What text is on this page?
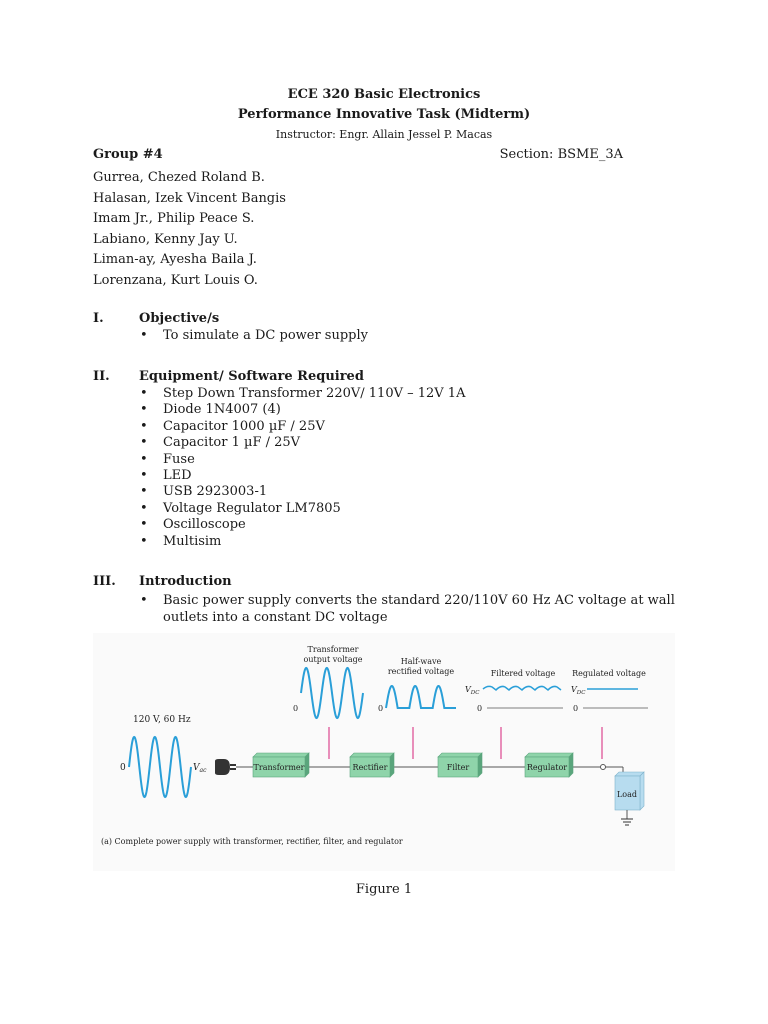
ECE 320 Basic Electronics
Performance Innovative Task (Midterm)
Instructor: Engr. Allain Jessel P. Macas
Group #4	Section: BSME_3A
Gurrea, Chezed Roland B.
Halasan, Izek Vincent Bangis
Imam Jr., Philip Peace S.
Labiano, Kenny Jay U.
Liman-ay, Ayesha Baila J.
Lorenzana, Kurt Louis O.
I.	Objective/s
• To simulate a DC power supply
II. Equipment/ Software Required
• Step Down Transformer 220V/ 110V – 12V 1A
• Diode 1N4007 (4)
• Capacitor 1000 µF / 25V
• Capacitor 1 µF / 25V
• Fuse
• LED
• USB 2923003-1
• Voltage Regulator LM7805
• Oscilloscope
• Multisim
III. Introduction
• Basic power supply converts the standard 220/110V 60 Hz AC voltage at wall outlets into a constant DC voltage
120 V, 60 Hz
0	$V_{ac}$	Transformer	Rectifier	Filter	Regulator
Load
Transformer
output voltage
0
Half-wave
rectified voltage
0
Filtered voltage
$V_{DC}$
0
Regulated voltage
$V_{DC}$
0
(a) Complete power supply with transformer, rectifier, filter, and regulator
Figure 1
